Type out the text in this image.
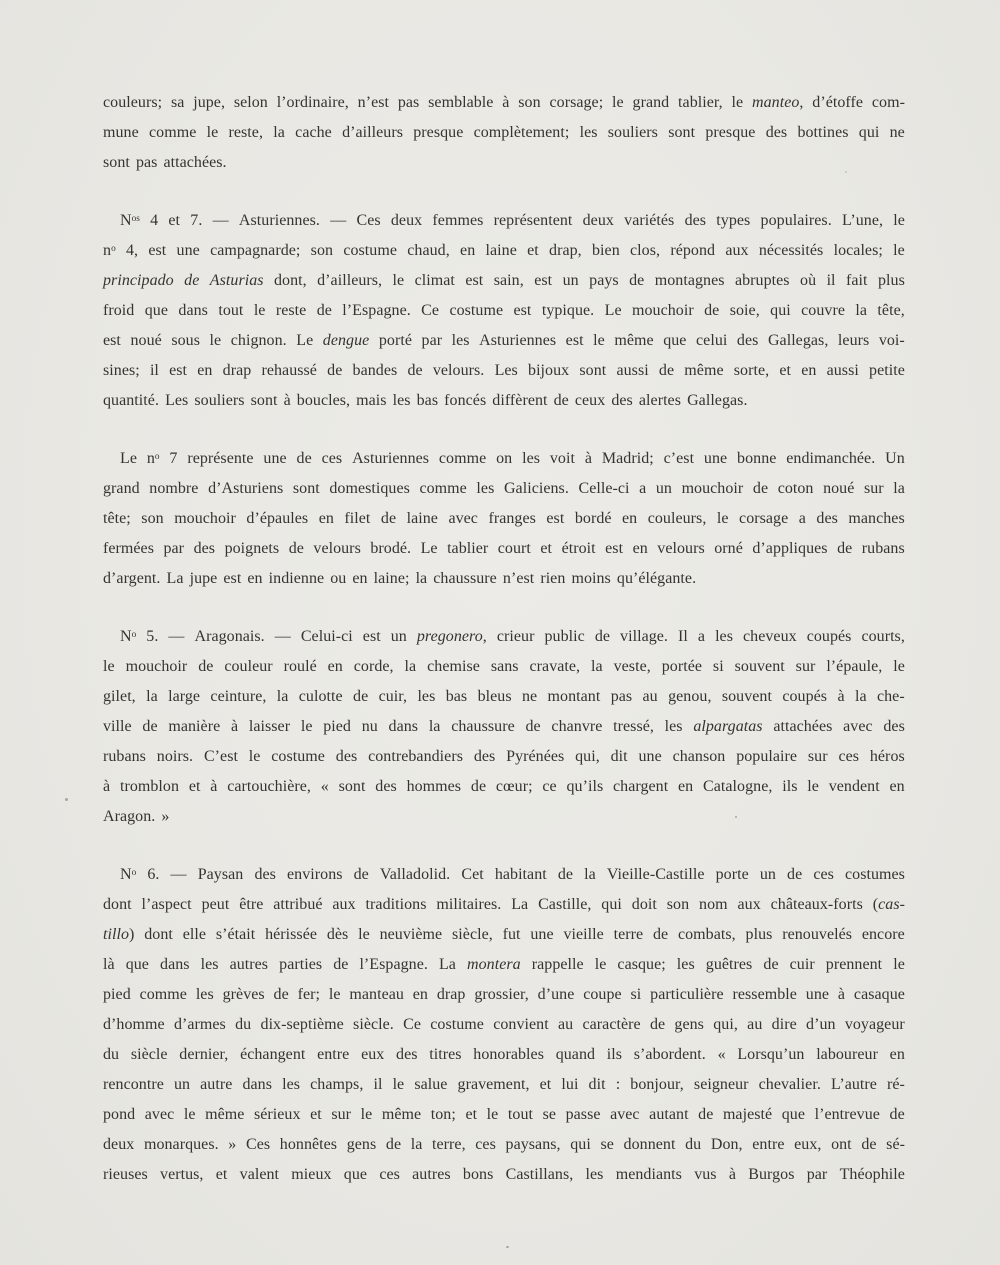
couleurs; sa jupe, selon l’ordinaire, n’est pas semblable à son corsage; le grand tablier, le manteo, d’étoffe com-
mune comme le reste, la cache d’ailleurs presque complètement; les souliers sont presque des bottines qui ne
sont pas attachées.
$N^{os}$ 4 et 7. — Asturiennes. — Ces deux femmes représentent deux variétés des types populaires. L’une, le
$n^o$ 4, est une campagnarde; son costume chaud, en laine et drap, bien clos, répond aux nécessités locales; le
principado de Asturias dont, d’ailleurs, le climat est sain, est un pays de montagnes abruptes où il fait plus
froid que dans tout le reste de l’Espagne. Ce costume est typique. Le mouchoir de soie, qui couvre la tête,
est noué sous le chignon. Le dengue porté par les Asturiennes est le même que celui des Gallegas, leurs voi-
sines; il est en drap rehaussé de bandes de velours. Les bijoux sont aussi de même sorte, et en aussi petite
quantité. Les souliers sont à boucles, mais les bas foncés diffèrent de ceux des alertes Gallegas.
Le $n^o$ 7 représente une de ces Asturiennes comme on les voit à Madrid; c’est une bonne endimanchée. Un
grand nombre d’Asturiens sont domestiques comme les Galiciens. Celle-ci a un mouchoir de coton noué sur la
tête; son mouchoir d’épaules en filet de laine avec franges est bordé en couleurs, le corsage a des manches
fermées par des poignets de velours brodé. Le tablier court et étroit est en velours orné d’appliques de rubans
d’argent. La jupe est en indienne ou en laine; la chaussure n’est rien moins qu’élégante.
$N^o$ 5. — Aragonais. — Celui-ci est un pregonero, crieur public de village. Il a les cheveux coupés courts,
le mouchoir de couleur roulé en corde, la chemise sans cravate, la veste, portée si souvent sur l’épaule, le
gilet, la large ceinture, la culotte de cuir, les bas bleus ne montant pas au genou, souvent coupés à la che-
ville de manière à laisser le pied nu dans la chaussure de chanvre tressé, les alpargatas attachées avec des
rubans noirs. C’est le costume des contrebandiers des Pyrénées qui, dit une chanson populaire sur ces héros
à tromblon et à cartouchière, « sont des hommes de cœur; ce qu’ils chargent en Catalogne, ils le vendent en
Aragon. »
$N^o$ 6. — Paysan des environs de Valladolid. Cet habitant de la Vieille-Castille porte un de ces costumes
dont l’aspect peut être attribué aux traditions militaires. La Castille, qui doit son nom aux châteaux-forts (cas-
tillo) dont elle s’était hérissée dès le neuvième siècle, fut une vieille terre de combats, plus renouvelés encore
là que dans les autres parties de l’Espagne. La montera rappelle le casque; les guêtres de cuir prennent le
pied comme les grèves de fer; le manteau en drap grossier, d’une coupe si particulière ressemble une à casaque
d’homme d’armes du dix-septième siècle. Ce costume convient au caractère de gens qui, au dire d’un voyageur
du siècle dernier, échangent entre eux des titres honorables quand ils s’abordent. « Lorsqu’un laboureur en
rencontre un autre dans les champs, il le salue gravement, et lui dit : bonjour, seigneur chevalier. L’autre ré-
pond avec le même sérieux et sur le même ton; et le tout se passe avec autant de majesté que l’entrevue de
deux monarques. » Ces honnêtes gens de la terre, ces paysans, qui se donnent du Don, entre eux, ont de sé-
rieuses vertus, et valent mieux que ces autres bons Castillans, les mendiants vus à Burgos par Théophile
